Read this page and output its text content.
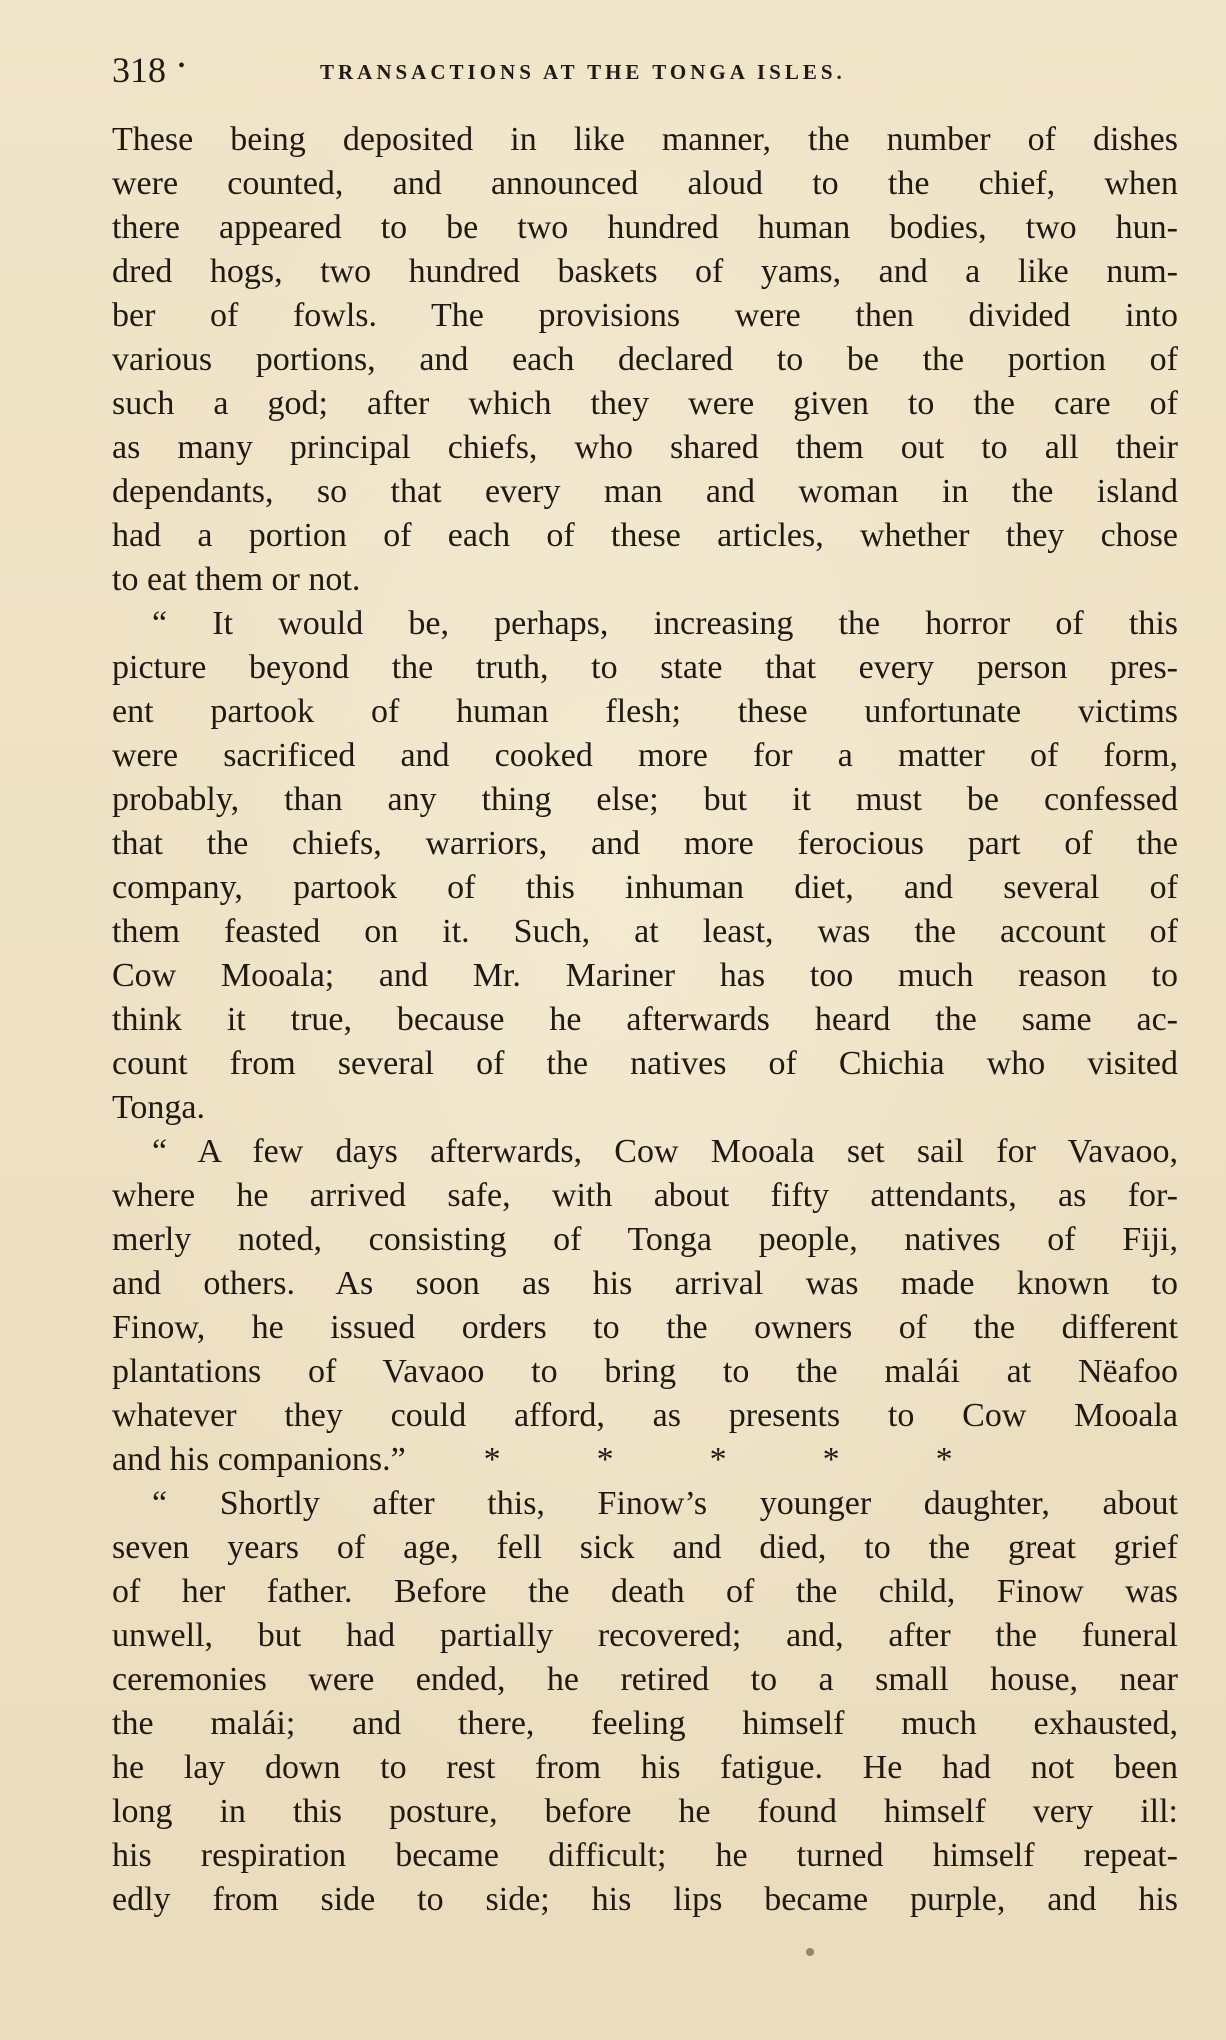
318 •	TRANSACTIONS AT THE TONGA ISLES.
These being deposited in like manner, the number of dishes
were counted, and announced aloud to the chief, when
there appeared to be two hundred human bodies, two hun-
dred hogs, two hundred baskets of yams, and a like num-
ber of fowls. The provisions were then divided into
various portions, and each declared to be the portion of
such a god; after which they were given to the care of
as many principal chiefs, who shared them out to all their
dependants, so that every man and woman in the island
had a portion of each of these articles, whether they chose
to eat them or not.
“ It would be, perhaps, increasing the horror of this
picture beyond the truth, to state that every person pres-
ent partook of human flesh; these unfortunate victims
were sacrificed and cooked more for a matter of form,
probably, than any thing else; but it must be confessed
that the chiefs, warriors, and more ferocious part of the
company, partook of this inhuman diet, and several of
them feasted on it. Such, at least, was the account of
Cow Mooala; and Mr. Mariner has too much reason to
think it true, because he afterwards heard the same ac-
count from several of the natives of Chichia who visited
Tonga.
“ A few days afterwards, Cow Mooala set sail for Vavaoo,
where he arrived safe, with about fifty attendants, as for-
merly noted, consisting of Tonga people, natives of Fiji,
and others. As soon as his arrival was made known to
Finow, he issued orders to the owners of the different
plantations of Vavaoo to bring to the malái at Nëafoo
whatever they could afford, as presents to Cow Mooala
and his companions.” *	*	*	*	*
“ Shortly after this, Finow’s younger daughter, about
seven years of age, fell sick and died, to the great grief
of her father. Before the death of the child, Finow was
unwell, but had partially recovered; and, after the funeral
ceremonies were ended, he retired to a small house, near
the malái; and there, feeling himself much exhausted,
he lay down to rest from his fatigue. He had not been
long in this posture, before he found himself very ill:
his respiration became difficult; he turned himself repeat-
edly from side to side; his lips became purple, and his
